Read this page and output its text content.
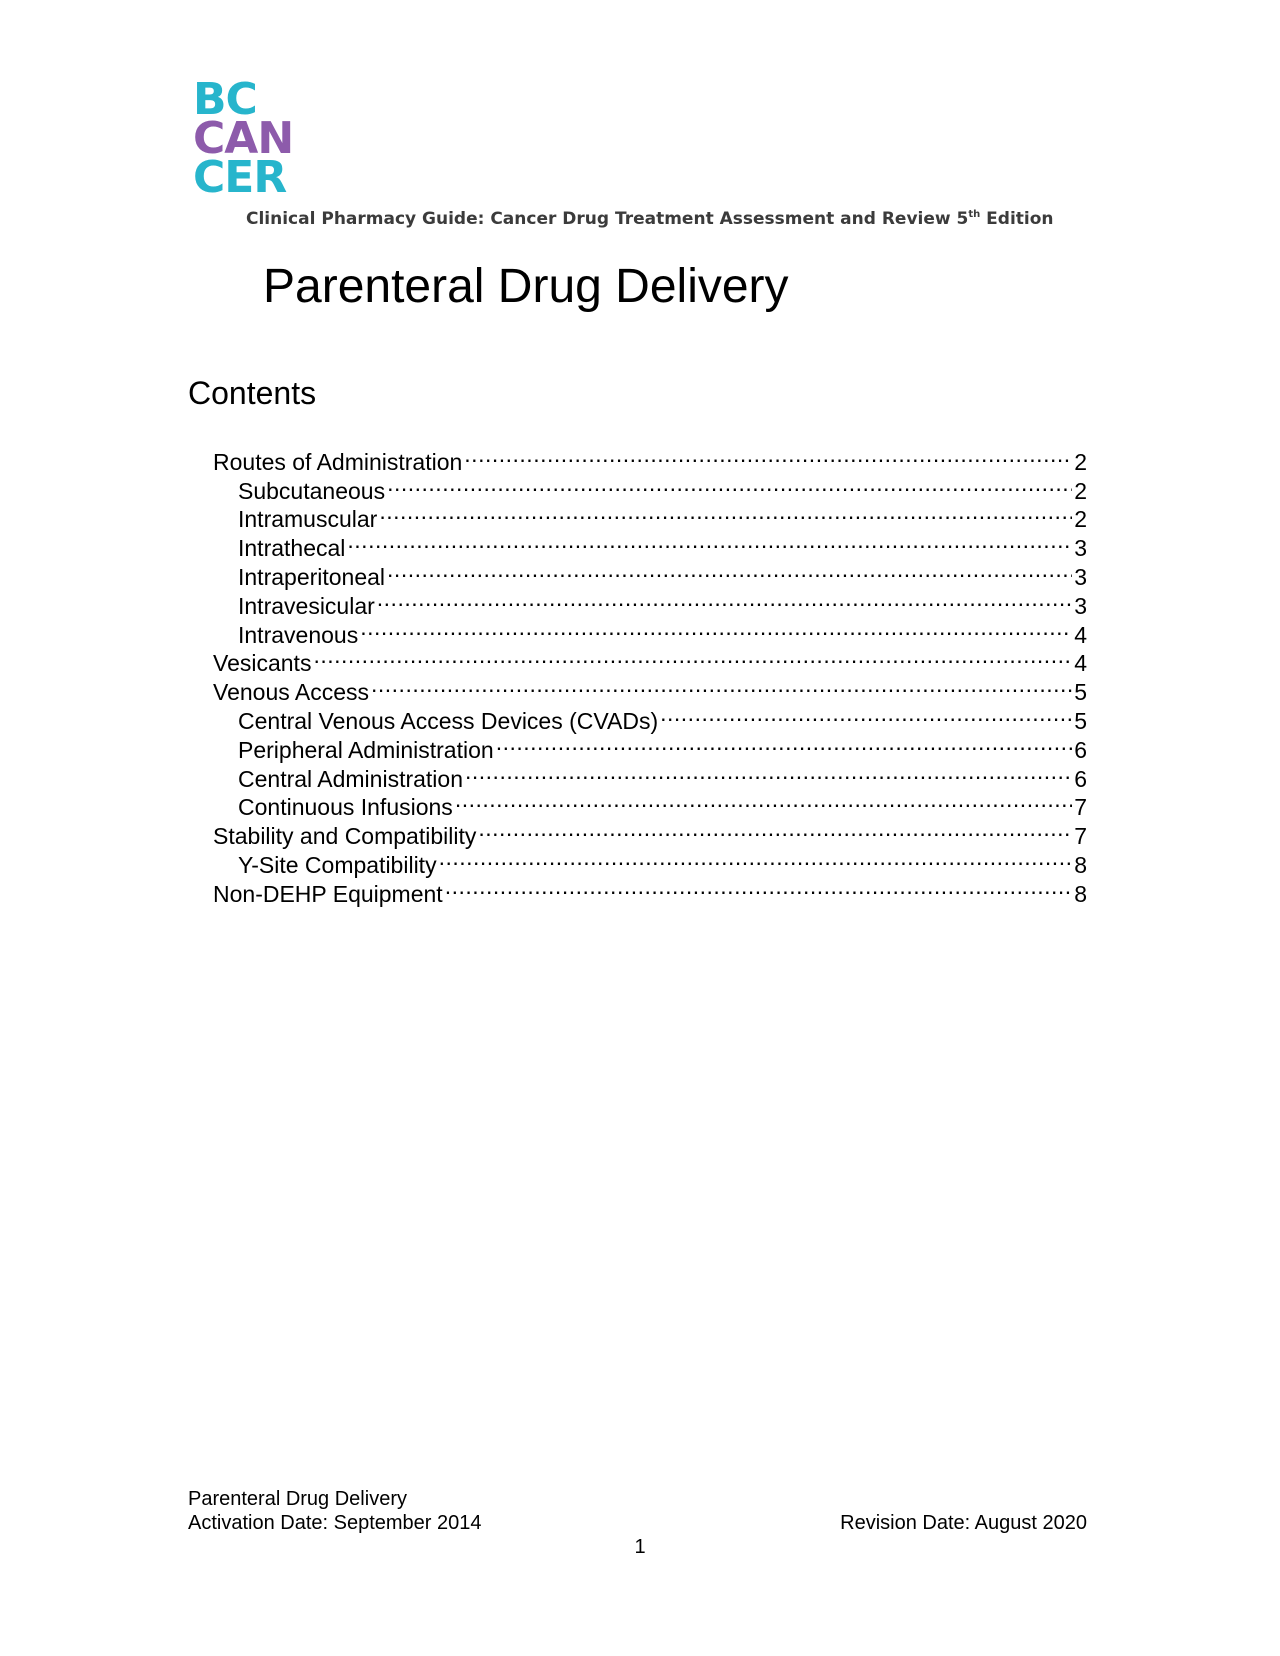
BC
CAN
CER
Clinical Pharmacy Guide: Cancer Drug Treatment Assessment and Review 5th Edition
Parenteral Drug Delivery
Contents
Routes of Administration .....	2
Subcutaneous .....	2
Intramuscular .....	2
Intrathecal .....	3
Intraperitoneal .....	3
Intravesicular .....	3
Intravenous .....	4
Vesicants .....	4
Venous Access .....	5
Central Venous Access Devices (CVADs) .....	5
Peripheral Administration .....	6
Central Administration .....	6
Continuous Infusions .....	7
Stability and Compatibility .....	7
Y-Site Compatibility .....	8
Non-DEHP Equipment .....	8
Parenteral Drug Delivery
Activation Date: September 2014	Revision Date: August 2020
1
